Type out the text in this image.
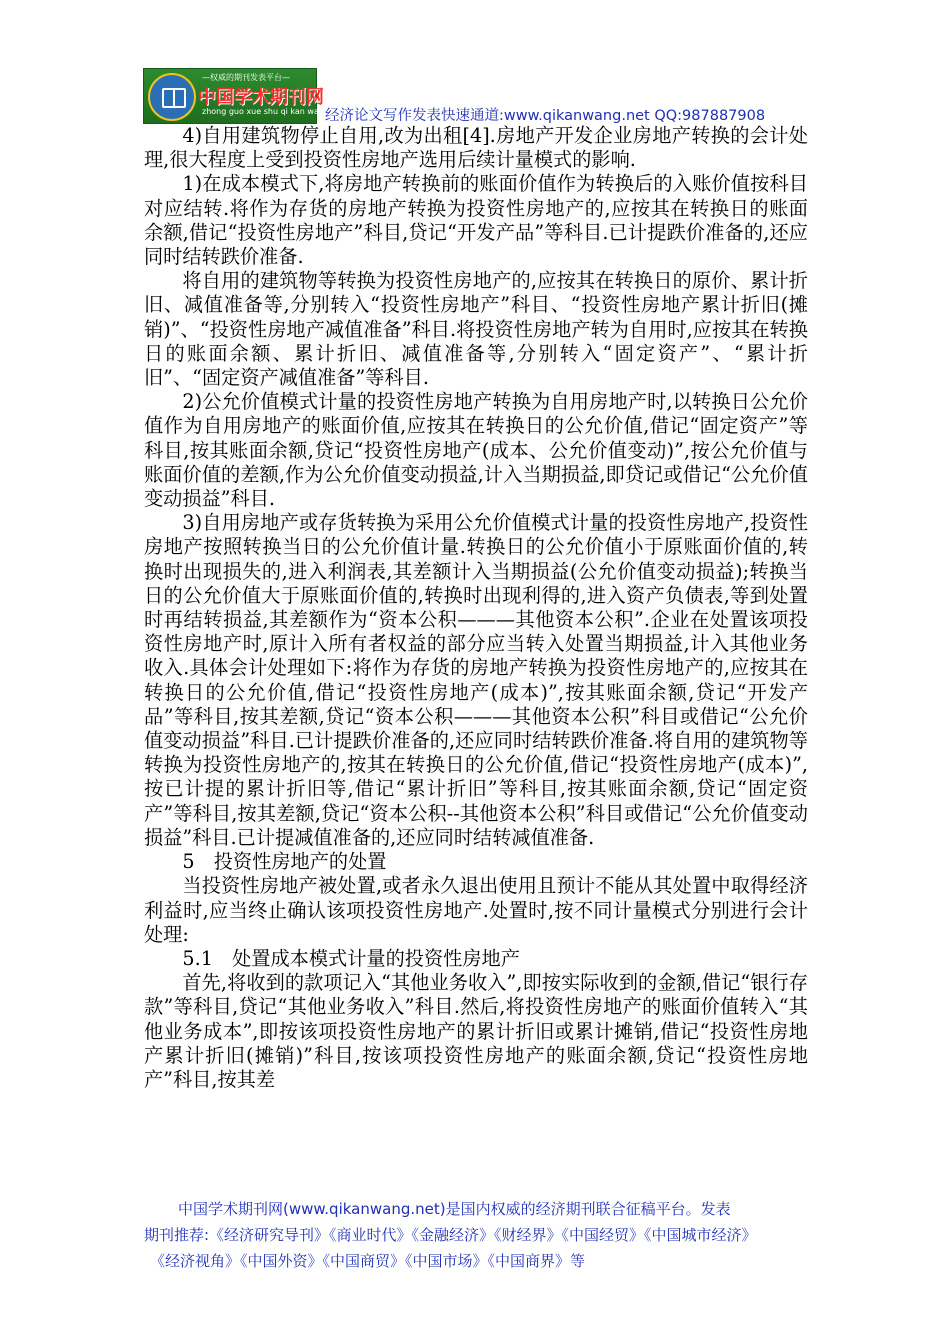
—权威的期刊发表平台—
中国学术期刊网
zhong guo xue shu qi kan wang
经济论文写作发表快速通道:www.qikanwang.net QQ:987887908

4)自用建筑物停止自用,改为出租[4].房地产开发企业房地产转换的会计处理,很大程度上受到投资性房地产选用后续计量模式的影响.

1)在成本模式下,将房地产转换前的账面价值作为转换后的入账价值按科目对应结转.将作为存货的房地产转换为投资性房地产的,应按其在转换日的账面余额,借记“投资性房地产”科目,贷记“开发产品”等科目.已计提跌价准备的,还应同时结转跌价准备.

将自用的建筑物等转换为投资性房地产的,应按其在转换日的原价、累计折旧、减值准备等,分别转入“投资性房地产”科目、“投资性房地产累计折旧(摊销)”、“投资性房地产减值准备”科目.将投资性房地产转为自用时,应按其在转换日的账面余额、累计折旧、减值准备等,分别转入“固定资产”、“累计折旧”、“固定资产减值准备”等科目.

2)公允价值模式计量的投资性房地产转换为自用房地产时,以转换日公允价值作为自用房地产的账面价值,应按其在转换日的公允价值,借记“固定资产”等科目,按其账面余额,贷记“投资性房地产(成本、公允价值变动)”,按公允价值与账面价值的差额,作为公允价值变动损益,计入当期损益,即贷记或借记“公允价值变动损益”科目.

3)自用房地产或存货转换为采用公允价值模式计量的投资性房地产,投资性房地产按照转换当日的公允价值计量.转换日的公允价值小于原账面价值的,转换时出现损失的,进入利润表,其差额计入当期损益(公允价值变动损益);转换当日的公允价值大于原账面价值的,转换时出现利得的,进入资产负债表,等到处置时再结转损益,其差额作为“资本公积———其他资本公积”.企业在处置该项投资性房地产时,原计入所有者权益的部分应当转入处置当期损益,计入其他业务收入.具体会计处理如下:将作为存货的房地产转换为投资性房地产的,应按其在转换日的公允价值,借记“投资性房地产(成本)”,按其账面余额,贷记“开发产品”等科目,按其差额,贷记“资本公积———其他资本公积”科目或借记“公允价值变动损益”科目.已计提跌价准备的,还应同时结转跌价准备.将自用的建筑物等转换为投资性房地产的,按其在转换日的公允价值,借记“投资性房地产(成本)”,按已计提的累计折旧等,借记“累计折旧”等科目,按其账面余额,贷记“固定资产”等科目,按其差额,贷记“资本公积--其他资本公积”科目或借记“公允价值变动损益”科目.已计提减值准备的,还应同时结转减值准备.

5　投资性房地产的处置

当投资性房地产被处置,或者永久退出使用且预计不能从其处置中取得经济利益时,应当终止确认该项投资性房地产.处置时,按不同计量模式分别进行会计处理:

5.1　处置成本模式计量的投资性房地产

首先,将收到的款项记入“其他业务收入”,即按实际收到的金额,借记“银行存款”等科目,贷记“其他业务收入”科目.然后,将投资性房地产的账面价值转入“其他业务成本”,即按该项投资性房地产的累计折旧或累计摊销,借记“投资性房地产累计折旧(摊销)”科目,按该项投资性房地产的账面余额,贷记“投资性房地产”科目,按其差

中国学术期刊网(www.qikanwang.net)是国内权威的经济期刊联合征稿平台。发表
期刊推荐:《经济研究导刊》《商业时代》《金融经济》《财经界》《中国经贸》《中国城市经济》
《经济视角》《中国外资》《中国商贸》《中国市场》《中国商界》等
